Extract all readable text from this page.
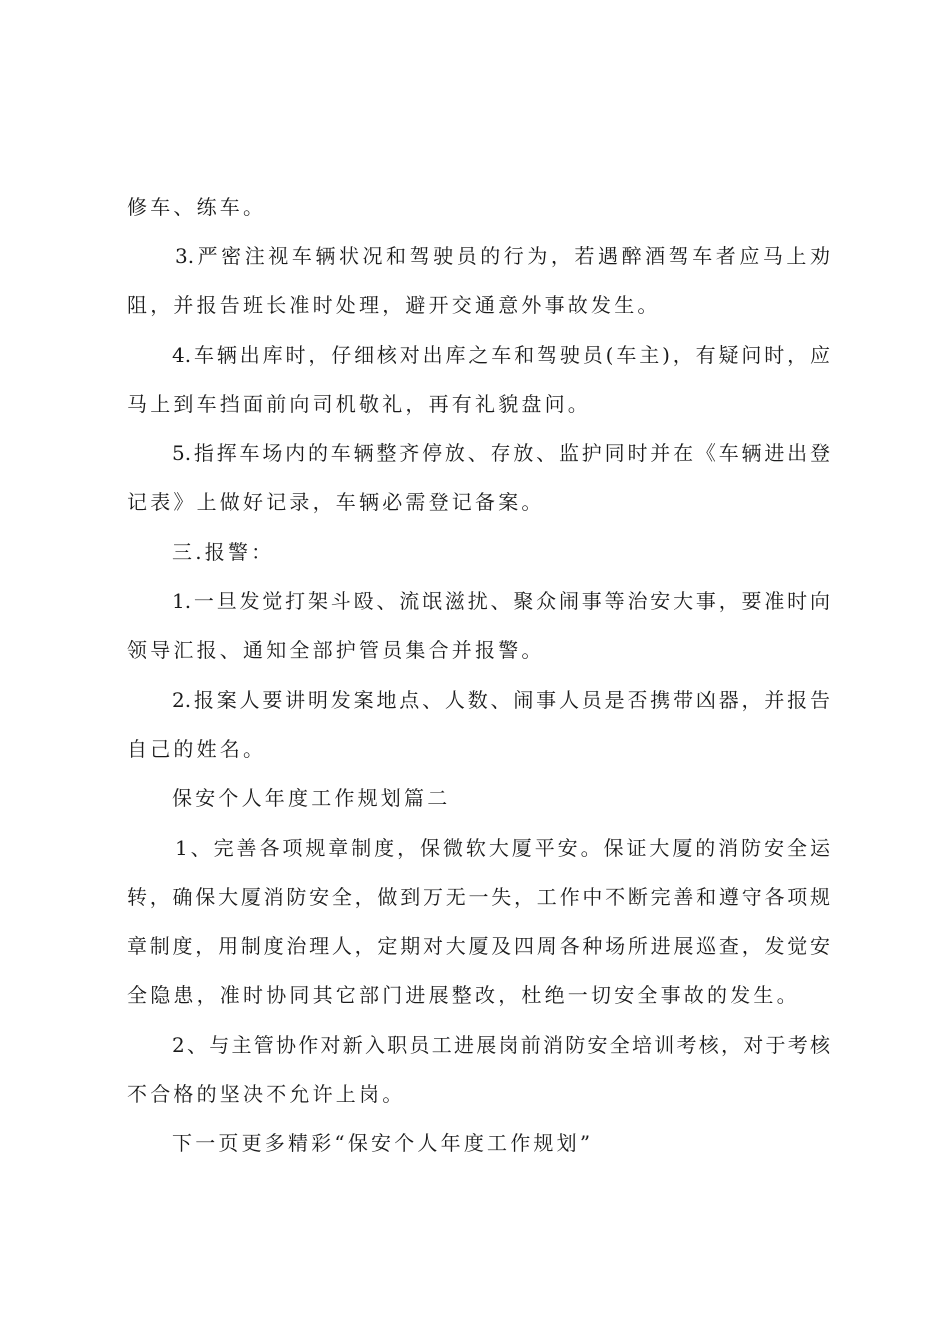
修车、练车。
3.严密注视车辆状况和驾驶员的行为，若遇醉酒驾车者应马上劝
阻，并报告班长准时处理，避开交通意外事故发生。
4.车辆出库时，仔细核对出库之车和驾驶员(车主)，有疑问时，应
马上到车挡面前向司机敬礼，再有礼貌盘问。
5.指挥车场内的车辆整齐停放、存放、监护同时并在《车辆进出登
记表》上做好记录，车辆必需登记备案。
三.报警：
1.一旦发觉打架斗殴、流氓滋扰、聚众闹事等治安大事，要准时向
领导汇报、通知全部护管员集合并报警。
2.报案人要讲明发案地点、人数、闹事人员是否携带凶器，并报告
自己的姓名。
保安个人年度工作规划篇二
1、完善各项规章制度，保微软大厦平安。保证大厦的消防安全运
转，确保大厦消防安全，做到万无一失，工作中不断完善和遵守各项规
章制度，用制度治理人，定期对大厦及四周各种场所进展巡查，发觉安
全隐患，准时协同其它部门进展整改，杜绝一切安全事故的发生。
2、与主管协作对新入职员工进展岗前消防安全培训考核，对于考核
不合格的坚决不允许上岗。
下一页更多精彩“保安个人年度工作规划”
